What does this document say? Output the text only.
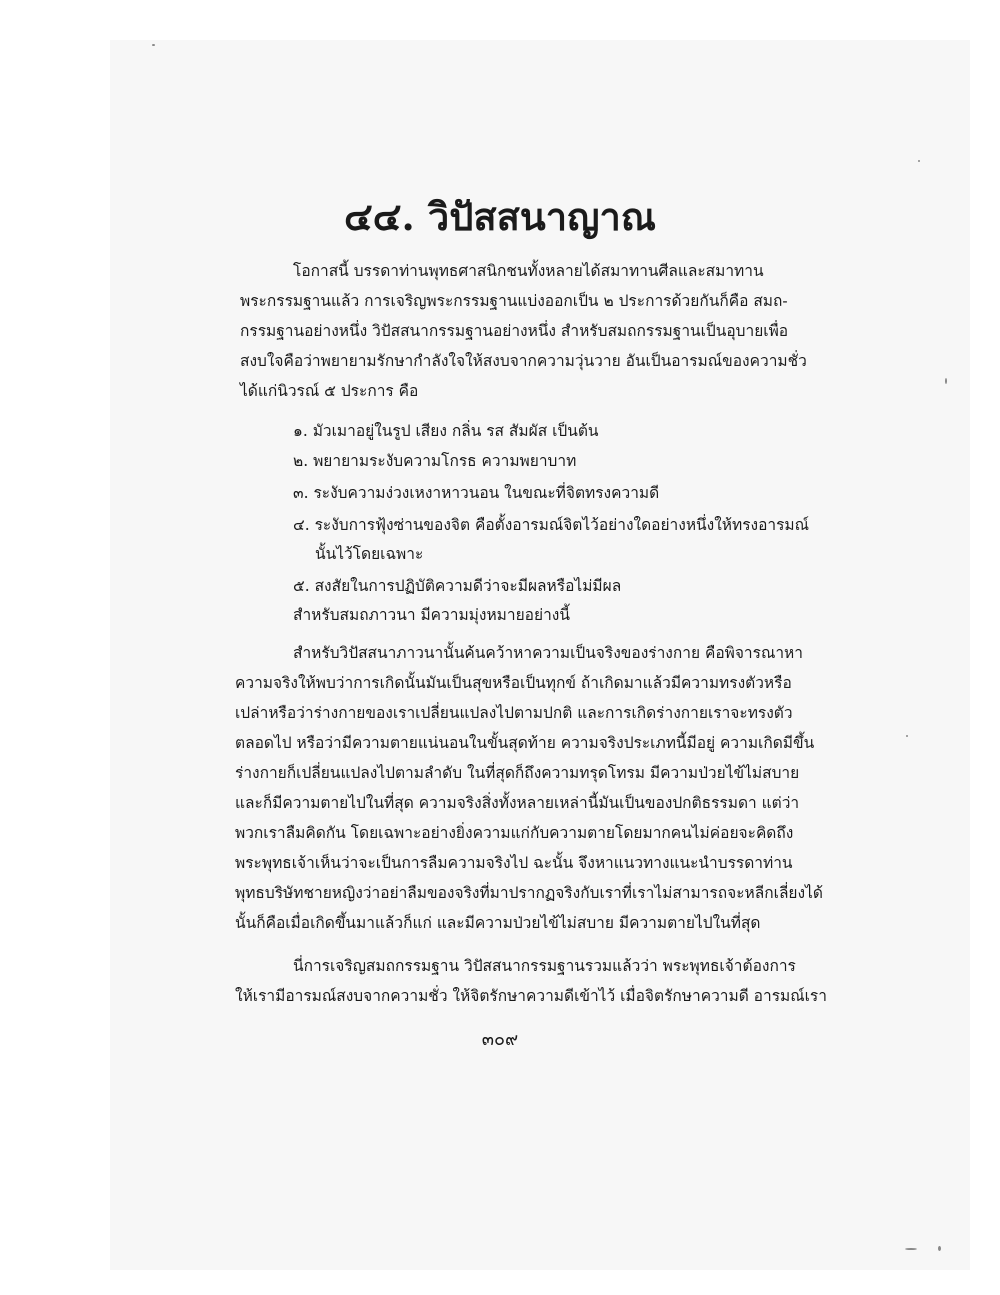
๔๔. วิปัสสนาญาณ
โอกาสนี้ บรรดาท่านพุทธศาสนิกชนทั้งหลายได้สมาทานศีลและสมาทาน
พระกรรมฐานแล้ว การเจริญพระกรรมฐานแบ่งออกเป็น ๒ ประการด้วยกันก็คือ สมถ-
กรรมฐานอย่างหนึ่ง วิปัสสนากรรมฐานอย่างหนึ่ง สำหรับสมถกรรมฐานเป็นอุบายเพื่อ
สงบใจคือว่าพยายามรักษากำลังใจให้สงบจากความวุ่นวาย อันเป็นอารมณ์ของความชั่ว
ได้แก่นิวรณ์ ๕ ประการ คือ
๑. มัวเมาอยู่ในรูป เสียง กลิ่น รส สัมผัส เป็นต้น
๒. พยายามระงับความโกรธ ความพยาบาท
๓. ระงับความง่วงเหงาหาวนอน ในขณะที่จิตทรงความดี
๔. ระงับการฟุ้งซ่านของจิต คือตั้งอารมณ์จิตไว้อย่างใดอย่างหนึ่งให้ทรงอารมณ์
นั้นไว้โดยเฉพาะ
๕. สงสัยในการปฏิบัติความดีว่าจะมีผลหรือไม่มีผล
สำหรับสมถภาวนา มีความมุ่งหมายอย่างนี้
สำหรับวิปัสสนาภาวนานั้นค้นคว้าหาความเป็นจริงของร่างกาย คือพิจารณาหา
ความจริงให้พบว่าการเกิดนั้นมันเป็นสุขหรือเป็นทุกข์ ถ้าเกิดมาแล้วมีความทรงตัวหรือ
เปล่าหรือว่าร่างกายของเราเปลี่ยนแปลงไปตามปกติ และการเกิดร่างกายเราจะทรงตัว
ตลอดไป หรือว่ามีความตายแน่นอนในขั้นสุดท้าย ความจริงประเภทนี้มีอยู่ ความเกิดมีขึ้น
ร่างกายก็เปลี่ยนแปลงไปตามลำดับ ในที่สุดก็ถึงความทรุดโทรม มีความป่วยไข้ไม่สบาย
และก็มีความตายไปในที่สุด ความจริงสิ่งทั้งหลายเหล่านี้มันเป็นของปกติธรรมดา แต่ว่า
พวกเราลืมคิดกัน โดยเฉพาะอย่างยิ่งความแก่กับความตายโดยมากคนไม่ค่อยจะคิดถึง
พระพุทธเจ้าเห็นว่าจะเป็นการลืมความจริงไป ฉะนั้น จึงหาแนวทางแนะนำบรรดาท่าน
พุทธบริษัทชายหญิงว่าอย่าลืมของจริงที่มาปรากฏจริงกับเราที่เราไม่สามารถจะหลีกเลี่ยงได้
นั้นก็คือเมื่อเกิดขึ้นมาแล้วก็แก่ และมีความป่วยไข้ไม่สบาย มีความตายไปในที่สุด
นี่การเจริญสมถกรรมฐาน วิปัสสนากรรมฐานรวมแล้วว่า พระพุทธเจ้าต้องการ
ให้เรามีอารมณ์สงบจากความชั่ว ให้จิตรักษาความดีเข้าไว้ เมื่อจิตรักษาความดี อารมณ์เรา
๓๐๙
